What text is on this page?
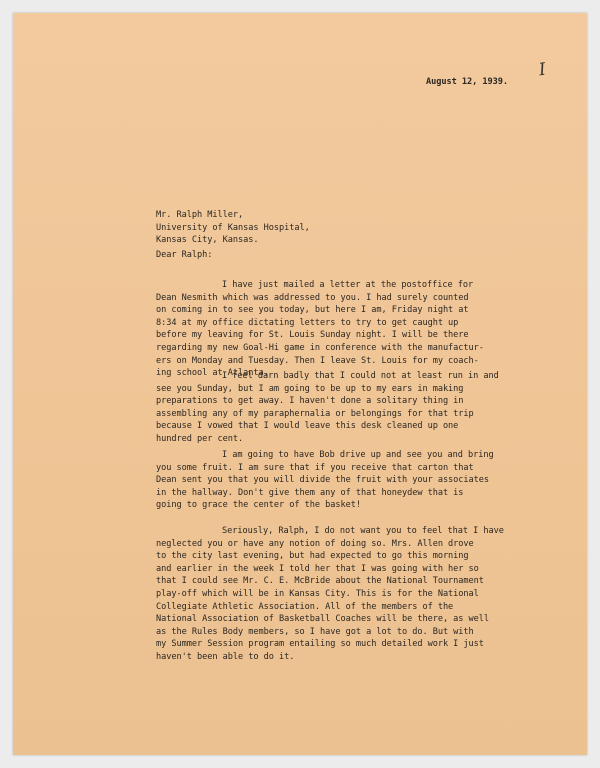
I
August 12, 1939.
Mr. Ralph Miller,
University of Kansas Hospital,
Kansas City, Kansas.
Dear Ralph:
I have just mailed a letter at the postoffice for
Dean Nesmith which was addressed to you. I had surely counted
on coming in to see you today, but here I am, Friday night at
8:34 at my office dictating letters to try to get caught up
before my leaving for St. Louis Sunday night. I will be there
regarding my new Goal-Hi game in conference with the manufactur-
ers on Monday and Tuesday. Then I leave St. Louis for my coach-
ing school at Atlanta.
I feel darn badly that I could not at least run in and
see you Sunday, but I am going to be up to my ears in making
preparations to get away. I haven't done a solitary thing in
assembling any of my paraphernalia or belongings for that trip
because I vowed that I would leave this desk cleaned up one
hundred per cent.
I am going to have Bob drive up and see you and bring
you some fruit. I am sure that if you receive that carton that
Dean sent you that you will divide the fruit with your associates
in the hallway. Don't give them any of that honeydew that is
going to grace the center of the basket!
Seriously, Ralph, I do not want you to feel that I have
neglected you or have any notion of doing so. Mrs. Allen drove
to the city last evening, but had expected to go this morning
and earlier in the week I told her that I was going with her so
that I could see Mr. C. E. McBride about the National Tournament
play-off which will be in Kansas City. This is for the National
Collegiate Athletic Association. All of the members of the
National Association of Basketball Coaches will be there, as well
as the Rules Body members, so I have got a lot to do. But with
my Summer Session program entailing so much detailed work I just
haven't been able to do it.
